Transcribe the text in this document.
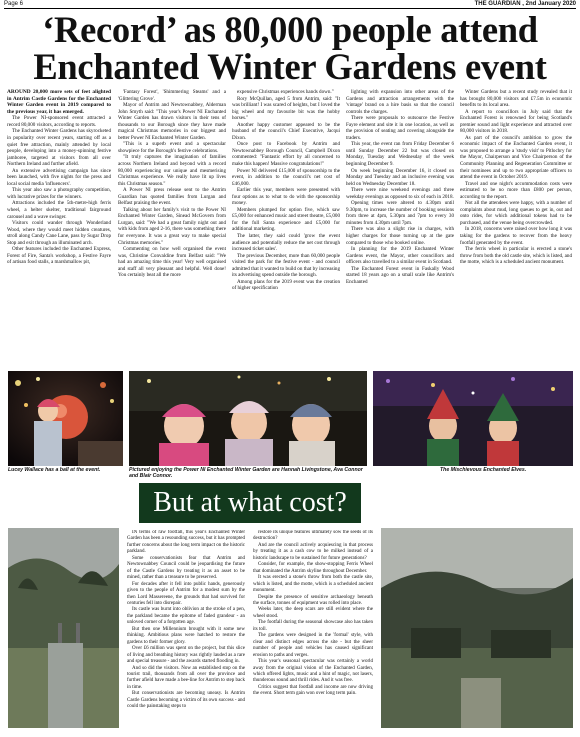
Page 6	THE GUARDIAN , 2nd January 2020
‘Record’ as 80,000 people attend Enchanted Winter Gardens event

AROUND 20,000 more sets of feet alighted in Antrim Castle Gardens for the Enchanted Winter Garden event in 2019 compared to the previous year, it has emerged.

The Power NI-sponsored event attracted a record 80,000 visitors, according to reports.

The Enchanted Winter Gardens has skyrocketed in popularity over recent years, starting off as a quiet free attraction, mainly attended by local people, developing into a money-spinning festive jamboree, targeted at visitors from all over Northern Ireland and further afield.

An extensive advertising campaign has since been launched, with five nights for the press and local social media 'influencers'.

This year also saw a photography competition, with lucrative prizes for the winners.

Attractions included the 5th-metre-high ferris wheel, a helter skelter, traditional fairground carousel and a wave swinger.

Visitors could wander through Wonderland Wood, where they would meet hidden creatures, stroll along Candy Cane Lane, pass by Sugar Drop Stop and exit through an illuminated arch.

Other features included the Enchanted Express, Forest of Fire, Santa's workshop, a Festive Fayre of artisan food stalls, a marshmallow pit,

'Fantasy Forest', 'Shimmering Steams' and a 'Glittering Grove'.

Mayor of Antrim and Newtownabbey, Alderman John Smyth said: "This year's Power NI Enchanted Winter Garden has drawn visitors in their tens of thousands to our Borough since they have made magical Christmas memories in our biggest and better Power NI Enchanted Winter Garden.

"This is a superb event and a spectacular showpiece for the Borough's festive celebrations.

"It truly captures the imagination of families across Northern Ireland and beyond with a record 80,000 experiencing our unique and mesmerising Christmas experience. We really have lit up lives this Christmas season."

A Power NI press release sent to the Antrim Guardian has quoted families from Lurgan and Belfast praising the event.

Talking about her family's visit to the Power NI Enchanted Winter Garden, Sinead McGovern from Lurgan, said: "We had a great family night out and with kids from aged 2-16, there was something there for everyone. It was a great way to make special Christmas memories."

Commenting on how well organised the event was, Christine Convaldine from Belfast said: "We had an amazing time this year! Very well organised and staff all very pleasant and helpful. Well done! You certainly beat all the more

expensive Christmas experiences hands down."

Rory McQuillan, aged 5 from Antrim, said: "It was brilliant! I was scared of heights, but I loved the big wheel and my favourite bit was the hobby horses."

Another happy customer appeared to be the husband of the council's Chief Executive, Jacqui Dixon.

Once post to Facebook by Antrim and Newtownabbey Borough Council, Campbell Dixon commented: "Fantastic effort by all concerned to make this happen! Massive congratulations!"

Power NI delivered £15,000 of sponsorship to the event, in addition to the council's net cost of £46,000.

Earlier this year, members were presented with four options as to what to do with the sponsorship money.

Members plumped for option five, which saw £5,000 for enhanced music and street theatre, £5,000 for the full Santa experience and £5,000 for additional marketing.

The latter, they said could 'grow the event audience and potentially reduce the net cost through increased ticket sales'.

The previous December, more than 60,000 people visited the park for the festive event - and council admitted that it wanted to build on that by increasing its advertising spend outside the borough.

Among plans for the 2019 event was the creation of higher specification

lighting with expansion into other areas of the Gardens and attraction arrangements with the 'vintage' brand on a hire basis so that the council controls the charges.

There were proposals to outsource the Festive Fayre element and site it in one location, as well as the provision of seating and covering alongside the traders.

This year, the event ran from Friday December 6 until Sunday December 22 but was closed on Monday, Tuesday and Wednesday of the week beginning December 9.

On week beginning December 16, it closed on Monday and Tuesday and an inclusive evening was held on Wednesday December 18.

There were nine weekend evenings and three weekday evenings as opposed to six of each in 2018.

Opening times were altered to 4.30pm until 9.30pm, to increase the number of booking sessions from three at 4pm, 5.30pm and 7pm to every 30 minutes from 4.30pm until 7pm.

There was also a slight rise in charges, with higher charges for those turning up at the gate compared to those who booked online.

In planning for the 2019 Enchanted Winter Gardens event, the Mayor, other councillors and officers also travelled to a similar event in Scotland.

The Enchanted Forest event in Faskally Wood started 18 years ago on a small scale like Antrim's Enchanted

Winter Gardens but a recent study revealed that it has brought 80,000 visitors and £7.5m in economic benefits to its local area.

A report to councillors in July said that the Enchanted Forest is renowned for being Scotland's premier sound and light experience and attracted over 80,000 visitors in 2018.

As part of the council's ambition to grow the economic impact of the Enchanted Garden event, it was proposed to arrange a 'study visit' to Pitlochry for the Mayor, Chairperson and Vice Chairperson of the Community Planning and Regeneration Committee or their nominees and up to two appropriate officers to attend the event in October 2019.

Travel and one night's accommodation costs were estimated to be no more than £800 per person, according to the report.

Not all the attendees were happy, with a number of complaints about mud, long queues to get in, out and onto rides, for which additional tokens had to be purchased, and the venue being overcrowded.

In 2018, concerns were raised over how long it was taking for the gardens to recover from the heavy footfall generated by the event.

The ferris wheel in particular is erected a stone's throw from both the old castle site, which is listed, and the motte, which is a scheduled ancient monument.

Lucey Wallace has a ball at the event.	Pictured enjoying the Power NI Enchanted Winter Garden are Hannah Livingstone, Ava Connor and Blair Connor.
The Mischievous Enchanted Elves.
But at what cost?

IN terms of raw footfall, this year's Enchanted Winter Garden has been a resounding success, but it has prompted further concerns about the long term impact on the historic parkland.

Some conservationists fear that Antrim and Newtownabbey Council could be jeopardising the future of the Castle Gardens by treating it as an asset to be mined, rather than a treasure to be preserved.

For decades after it fell into public hands, generously given to the people of Antrim for a modest sum by the then Lord Massereene, the grounds that had survived for centuries fell into disrepair.

Its castle was burnt into oblivion at the stroke of a pen, the parkland became the epitome of faded grandeur - an unloved corner of a forgotten age.

But then one Millennium brought with it some new thinking. Ambitious plans were hatched to restore the gardens to their former glory.

Over £6 million was spent on the project, but this slice of living and breathing history was rightly lauded as a rare and special treasure - and the awards started flooding in.

And so did the visitors. Now an established stop on the tourist trail, thousands from all over the province and further afield have made a bee-line for Antrim to step back in time.

But conservationists are becoming uneasy. Is Antrim Castle Gardens becoming a victim of its own success - and could the painstaking steps to

restore its unique features ultimately sow the seeds of its destruction?

And are the council actively acquiescing in that process by treating it as a cash cow to be milked instead of a historic landscape to be sustained for future generations?

Consider, for example, the show-stopping Ferris Wheel that dominated the Antrim skyline throughout December.

It was erected a stone's throw from both the castle site, which is listed, and the motte, which is a scheduled ancient monument.

Despite the presence of sensitive archaeology beneath the surface, tonnes of equipment was rolled into place.

Weeks later, the deep scars are still evident where the wheel stood.

The footfall during the seasonal showcase also has taken its toll.

The gardens were designed in the 'formal' style, with clear and distinct edges across the site - but the sheer number of people and vehicles has caused significant erosion to paths and verges.

This year's seasonal spectacular was certainly a world away from the original vision of the Enchanted Garden, which offered lights, music and a hint of magic, not lasers, thunderous sound and thrill rides. And it was free.

Critics suggest that footfall and income are now driving the event. Short term gain won over long term pain.
